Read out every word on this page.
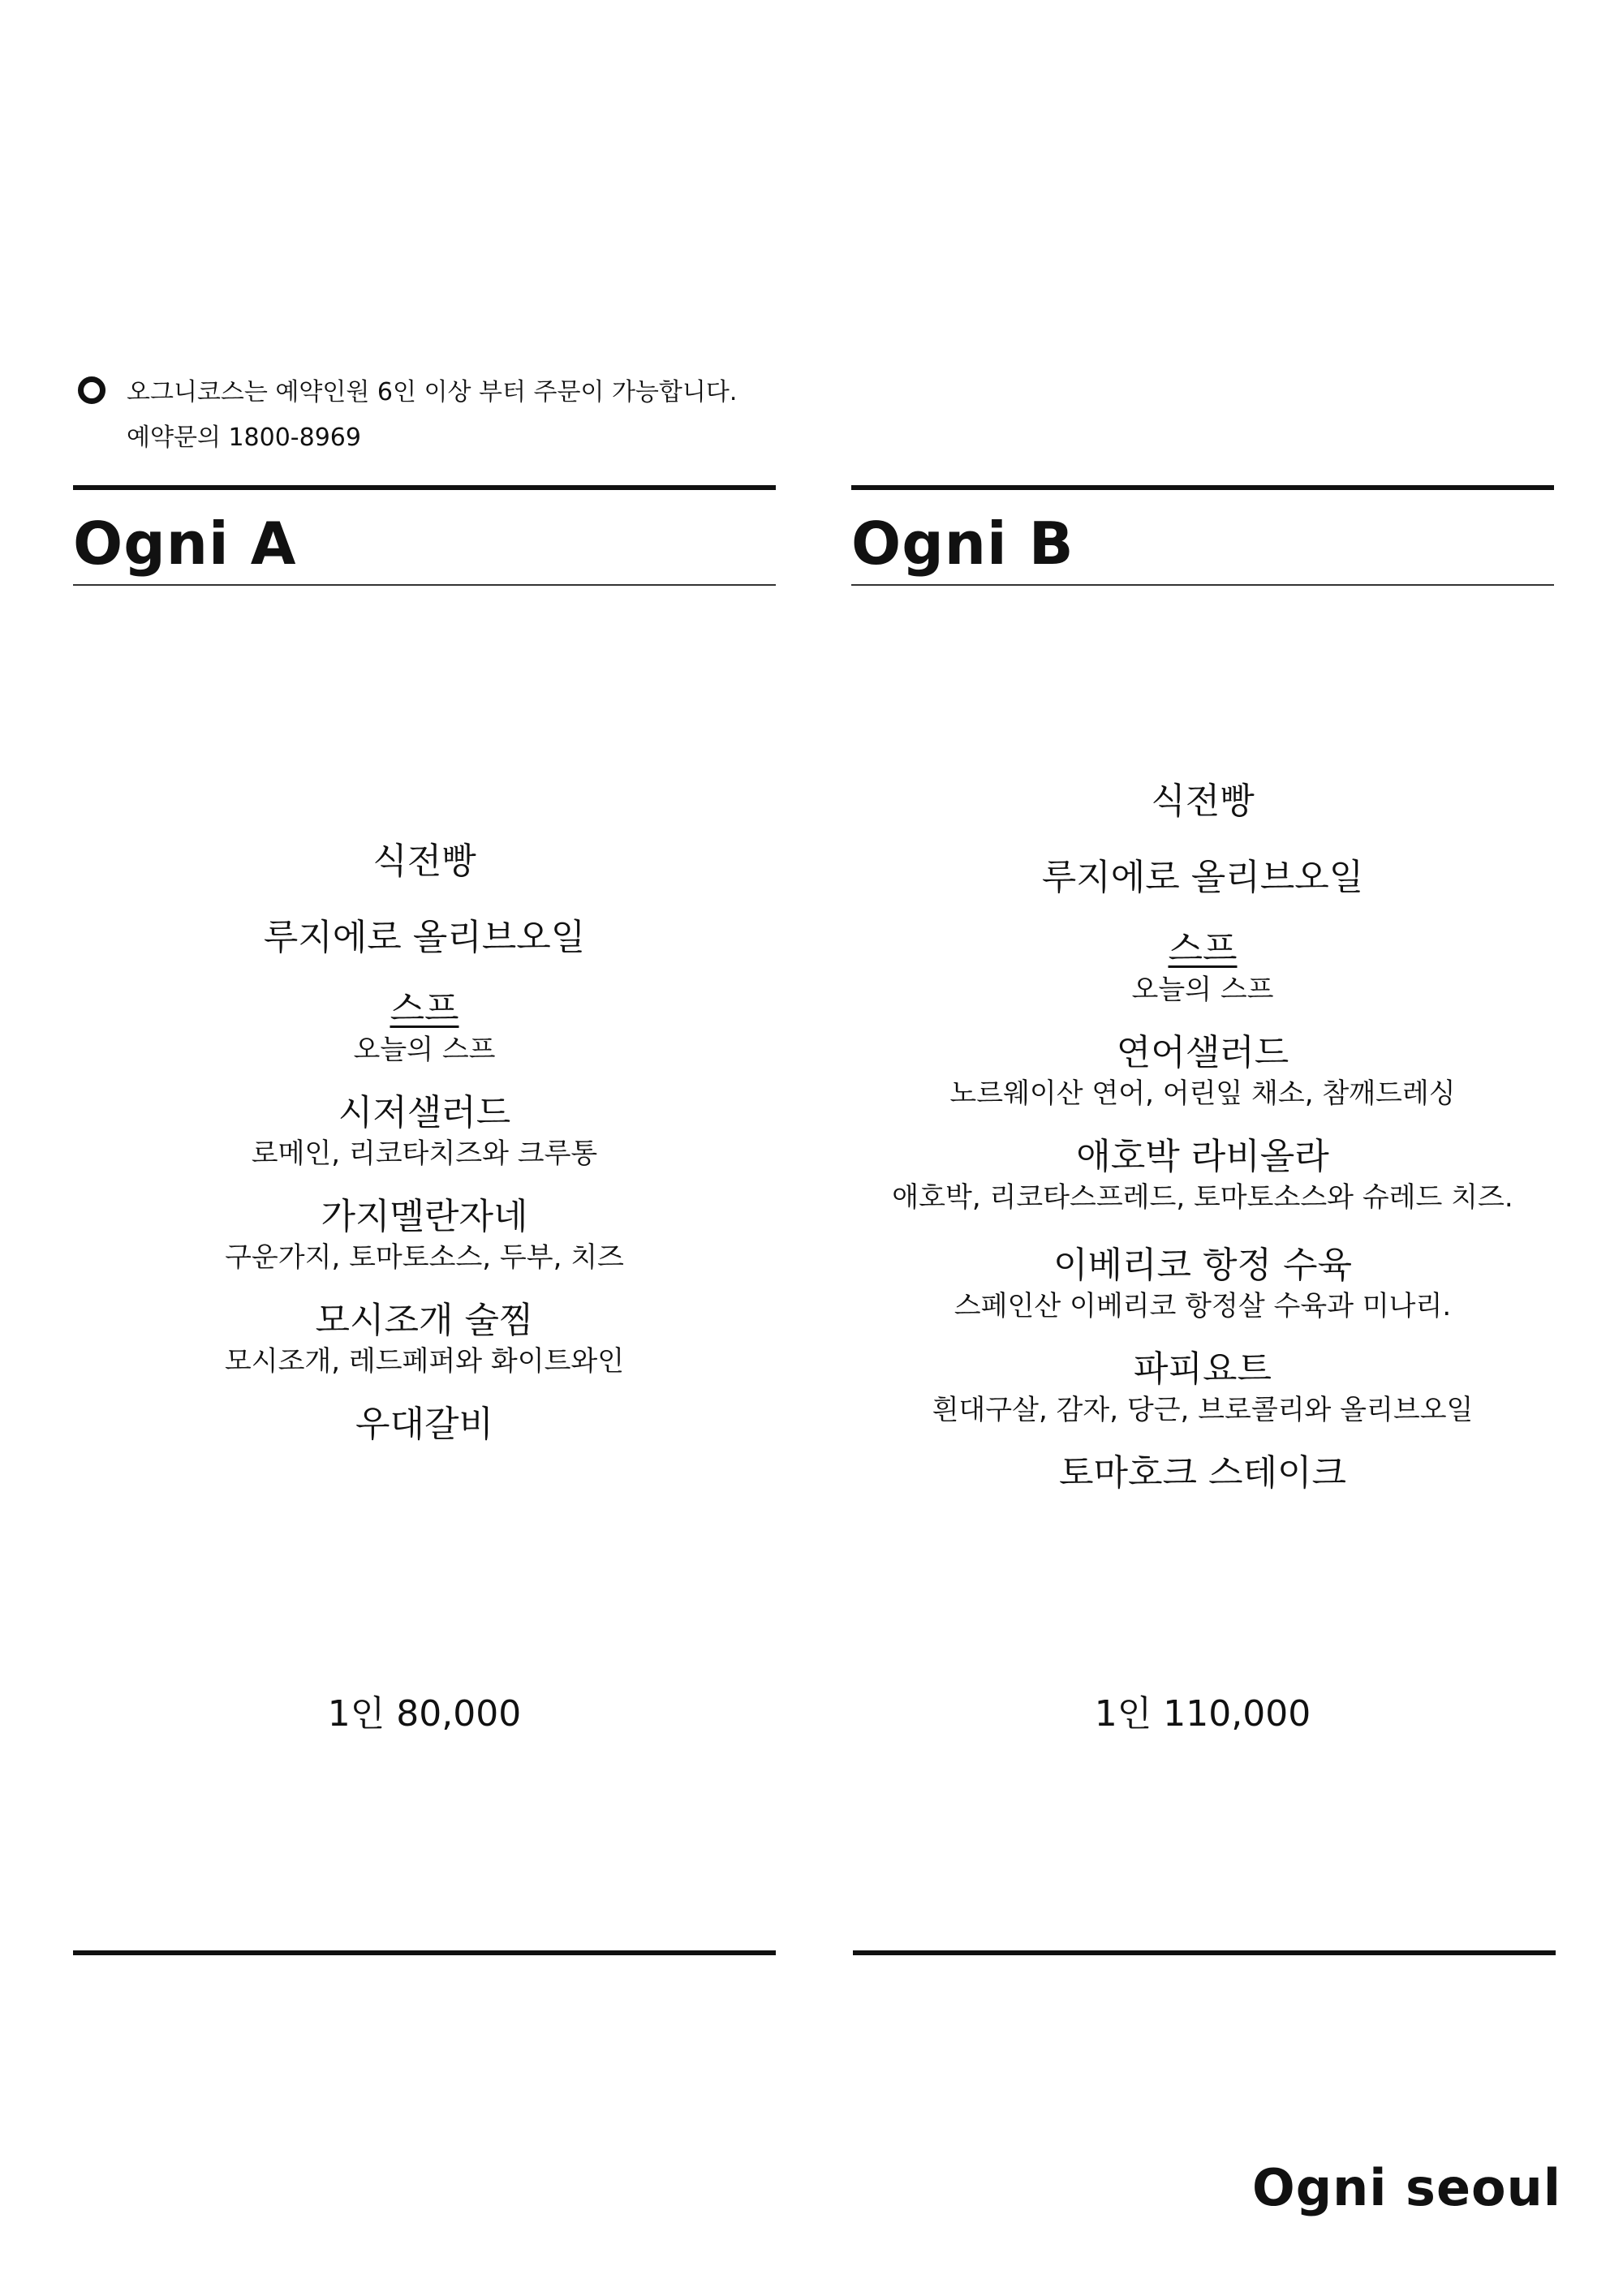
오그니코스는 예약인원 6인 이상 부터 주문이 가능합니다.
예약문의 1800-8969
Ogni A
식전빵
루지에로 올리브오일
스프
오늘의 스프
시저샐러드
로메인, 리코타치즈와 크루통
가지멜란자네
구운가지, 토마토소스, 두부, 치즈
모시조개 술찜
모시조개, 레드페퍼와 화이트와인
우대갈비
1인 80,000
Ogni B
식전빵
루지에로 올리브오일
스프
오늘의 스프
연어샐러드
노르웨이산 연어, 어린잎 채소, 참깨드레싱
애호박 라비올라
애호박, 리코타스프레드, 토마토소스와 슈레드 치즈.
이베리코 항정 수육
스페인산 이베리코 항정살 수육과 미나리.
파피요트
흰대구살, 감자, 당근, 브로콜리와 올리브오일
토마호크 스테이크
1인 110,000
Ogni seoul
